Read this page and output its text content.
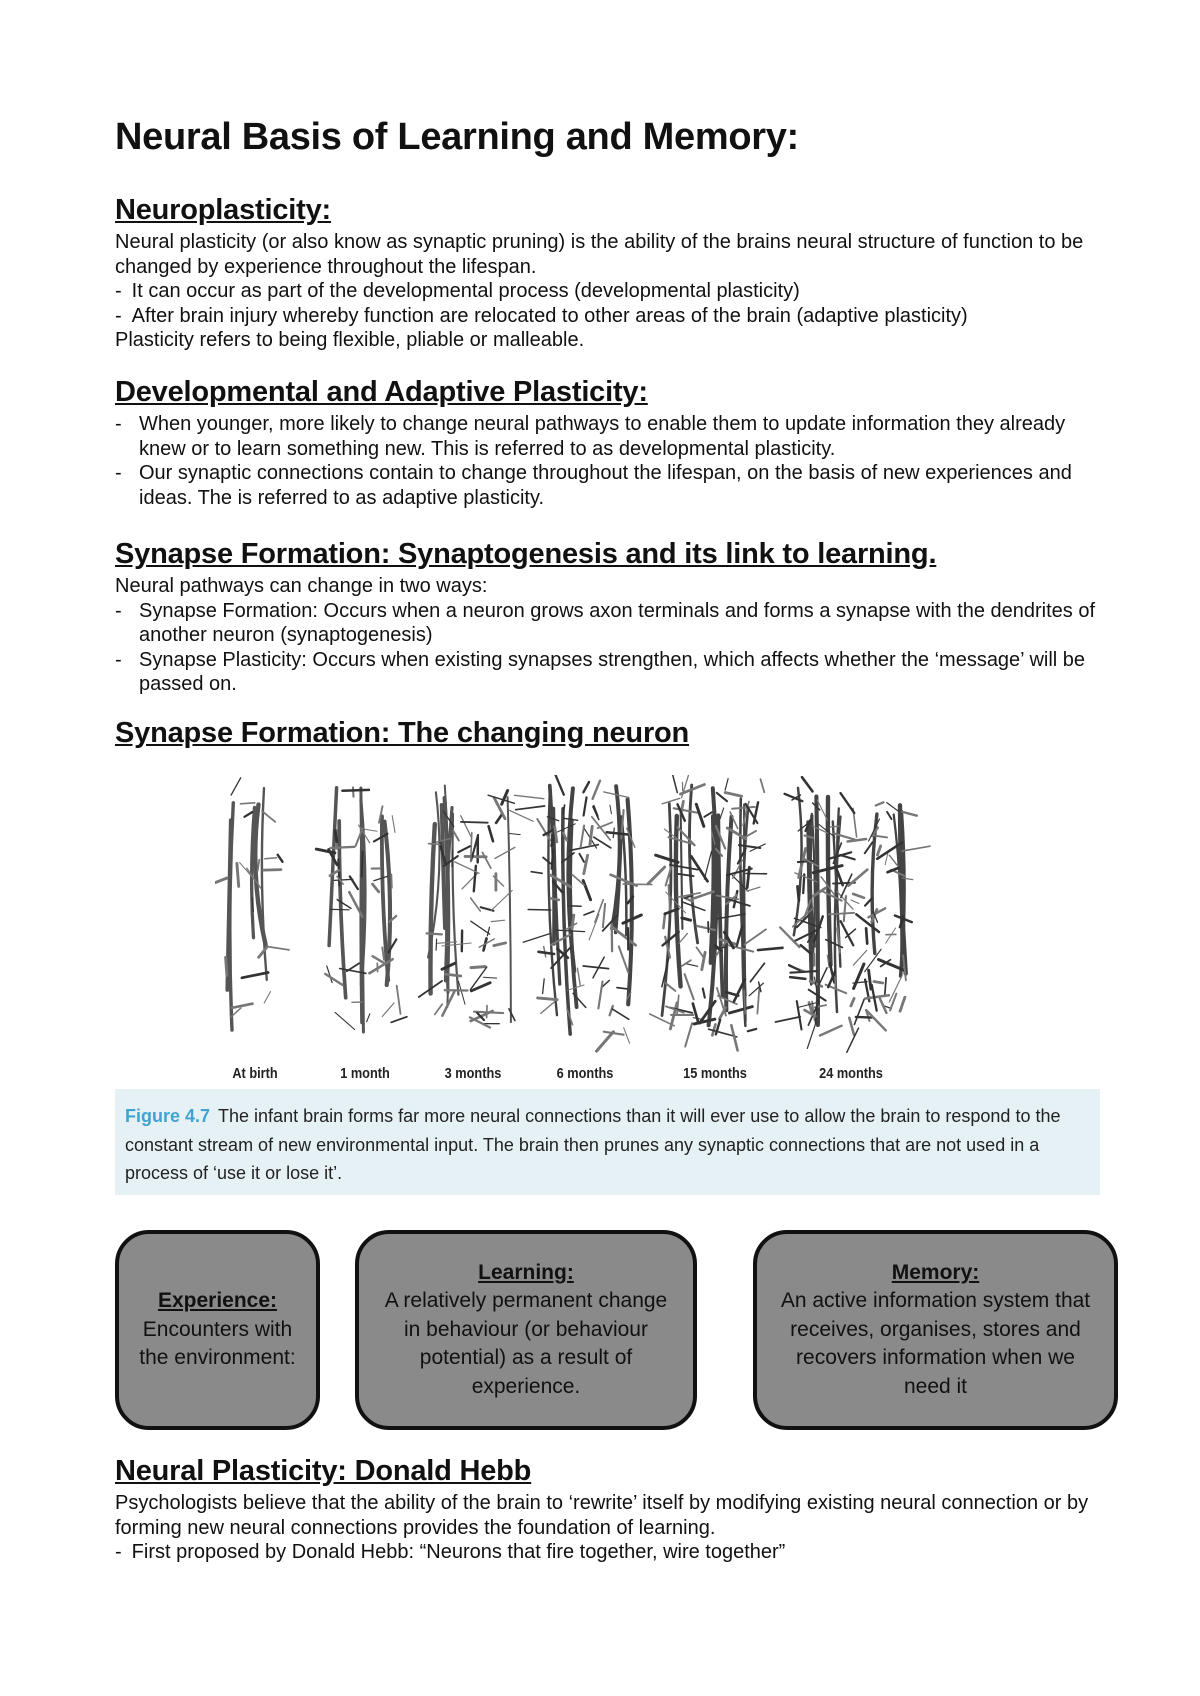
Neural Basis of Learning and Memory:
Neuroplasticity:

Neural plasticity (or also know as synaptic pruning) is the ability of the brains neural structure of function to be changed by experience throughout the lifespan.

- It can occur as part of the developmental process (developmental plasticity)
- After brain injury whereby function are relocated to other areas of the brain (adaptive plasticity)

Plasticity refers to being flexible, pliable or malleable.

Developmental and Adaptive Plasticity:
- When younger, more likely to change neural pathways to enable them to update information they already knew or to learn something new. This is referred to as developmental plasticity.
- Our synaptic connections contain to change throughout the lifespan, on the basis of new experiences and ideas. The is referred to as adaptive plasticity.
Synapse Formation: Synaptogenesis and its link to learning.

Neural pathways can change in two ways:

- Synapse Formation: Occurs when a neuron grows axon terminals and forms a synapse with the dendrites of another neuron (synaptogenesis)
- Synapse Plasticity: Occurs when existing synapses strengthen, which affects whether the ‘message’ will be passed on.
Synapse Formation: The changing neuron
At birth	1 month	3 months	6 months	15 months	24 months
Figure 4.7 The infant brain forms far more neural connections than it will ever use to allow the brain to respond to the constant stream of new environmental input. The brain then prunes any synaptic connections that are not used in a process of ‘use it or lose it’.
Experience:
Encounters with the environment:
Learning:
A relatively permanent change in behaviour (or behaviour potential) as a result of experience.
Memory:
An active information system that receives, organises, stores and recovers information when we need it
Neural Plasticity: Donald Hebb

Psychologists believe that the ability of the brain to ‘rewrite’ itself by modifying existing neural connection or by forming new neural connections provides the foundation of learning.

- First proposed by Donald Hebb: “Neurons that fire together, wire together”
